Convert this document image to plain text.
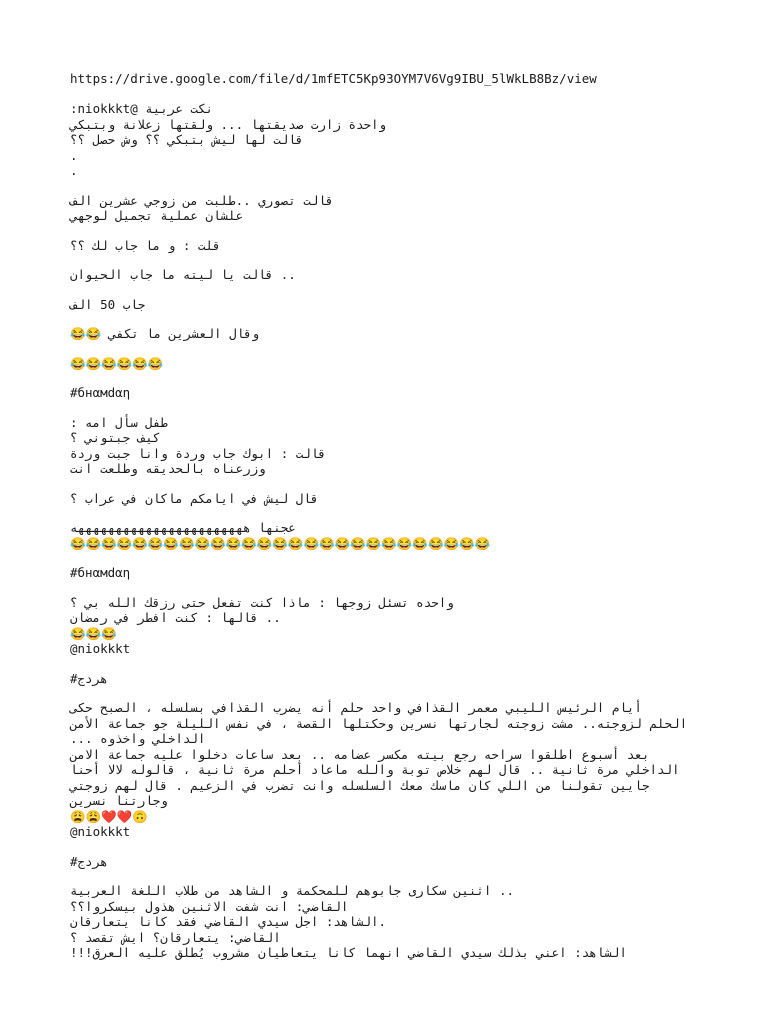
https://drive.google.com/file/d/1mfETC5Kp93OYM7V6Vg9IBU_5lWkLB8Bz/view
نكت عربية @niokkkt:
واحدة زارت صديقتها ... ولقتها زعلانة وبتبكي
قالت لها ليش بتبكي ؟؟ وش حصل ؟؟
.
.
قالت تصوري ..طلبت من زوجي عشرين الف
علشان عملية تجميل لوجهي
قلت : و ما جاب لك ؟؟
.. قالت يا ليته ما جاب الحيوان
جاب 50 الف
وقال العشرين ما تكفي 😂😂
😂😂😂😂😂😂
#бнαмdαη
طفل سأل امه :
كيف جبتوني ؟
قالت : ابوك جاب وردة وانا جبت وردة
وزرعناه بالحديقه وطلعت انت
قال ليش في ايامكم ماكان في عراب ؟
عجنها هههههههههههههههههههههههه
😂😂😂😂😂😂😂😂😂😂😂😂😂😂😂😂😂😂😂😂😂😂😂😂😂😂😂
#бнαмdαη
واحده تسئل زوجها : ماذا كنت تفعل حتى رزقك الله بي ؟
.. قالها : كنت افطر في رمضان
😂😂😂
@niokkkt
هردج#
أيام الرئيس الليبي معمر القذافي واحد حلم أنه يضرب القذافي بسلسله ، الصبح حكى
الحلم لزوجته.. مشت زوجته لجارتها نسرين وحكتلها القصة ، في نفس الليلة جو جماعة الأمن
الداخلي واخذوه ...
بعد أسبوع اطلقوا سراحه رجع بيته مكسر عضامه .. بعد ساعات دخلوا عليه جماعة الامن
الداخلي مرة ثانية .. قال لهم خلاص توبة والله ماعاد أحلم مرة ثانية ، قالوله لالا أحنا
جايين تقولنا من اللي كان ماسك معك السلسله وانت تضرب في الزعيم . قال لهم زوجتي
وجارتنا نسرين
😩😩❤️❤️🙃
@niokkkt
هردج#
.. اثنين سكارى جابوهم للمحكمة و الشاهد من طلاب اللغة العربية
القاضي: انت شفت الاثنين هذول بيسكروا؟؟
.الشاهد: اجل سيدي القاضي فقد كانا يتعارقان
القاضي: يتعارقان؟ ايش تقصد ؟
الشاهد: اعني بذلك سيدي القاضي انهما كانا يتعاطيان مشروب يُطلق عليه العرق!!!
